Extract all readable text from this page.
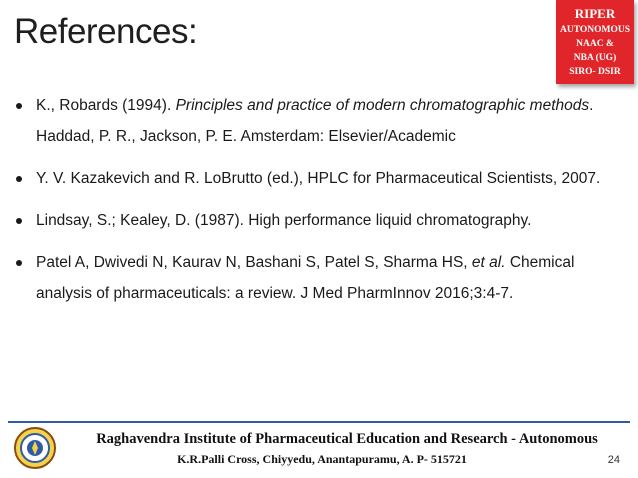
References:	RIPER
AUTONOMOUS
NAAC &
NBA (UG)
SIRO- DSIR
K., Robards (1994). Principles and practice of modern chromatographic methods. Haddad, P. R., Jackson, P. E. Amsterdam: Elsevier/Academic
Y. V. Kazakevich and R. LoBrutto (ed.), HPLC for Pharmaceutical Scientists, 2007.
Lindsay, S.; Kealey, D. (1987). High performance liquid chromatography.
Patel A, Dwivedi N, Kaurav N, Bashani S, Patel S, Sharma HS, et al. Chemical analysis of pharmaceuticals: a review. J Med PharmInnov 2016;3:4-7.
Raghavendra Institute of Pharmaceutical Education and Research - Autonomous
K.R.Palli Cross, Chiyyedu, Anantapuramu, A. P- 515721	24
